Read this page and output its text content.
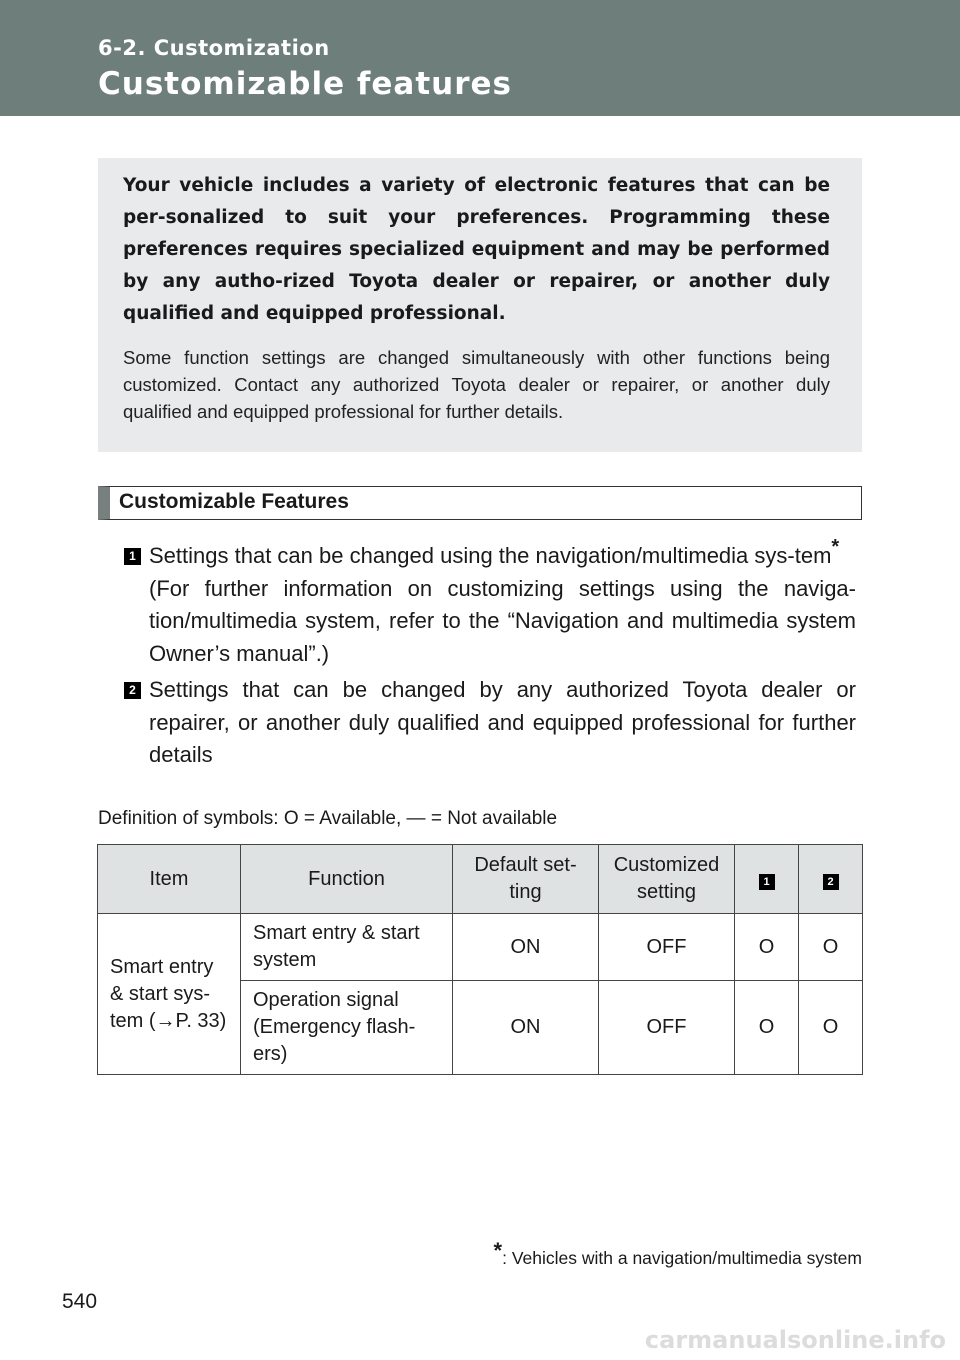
6-2. Customization
Customizable features

Your vehicle includes a variety of electronic features that can be per-sonalized to suit your preferences. Programming these preferences requires specialized equipment and may be performed by any autho-rized Toyota dealer or repairer, or another duly qualified and equipped professional.

Some function settings are changed simultaneously with other functions being customized. Contact any authorized Toyota dealer or repairer, or another duly qualified and equipped professional for further details.

Customizable Features
1 Settings that can be changed using the navigation/multimedia sys-tem*

(For further information on customizing settings using the naviga-tion/multimedia system, refer to the “Navigation and multimedia system Owner’s manual”.)

2 Settings that can be changed by any authorized Toyota dealer or repairer, or another duly qualified and equipped professional for further details

Definition of symbols: O = Available, — = Not available
Item	Function	Default set-ting	Customized setting	1	2
Smart entry & start sys-tem (→P. 33)	Smart entry & start system	ON	OFF	O	O
	Operation signal (Emergency flash-ers)	ON	OFF	O	O
*: Vehicles with a navigation/multimedia system
540
carmanualsonline.info
